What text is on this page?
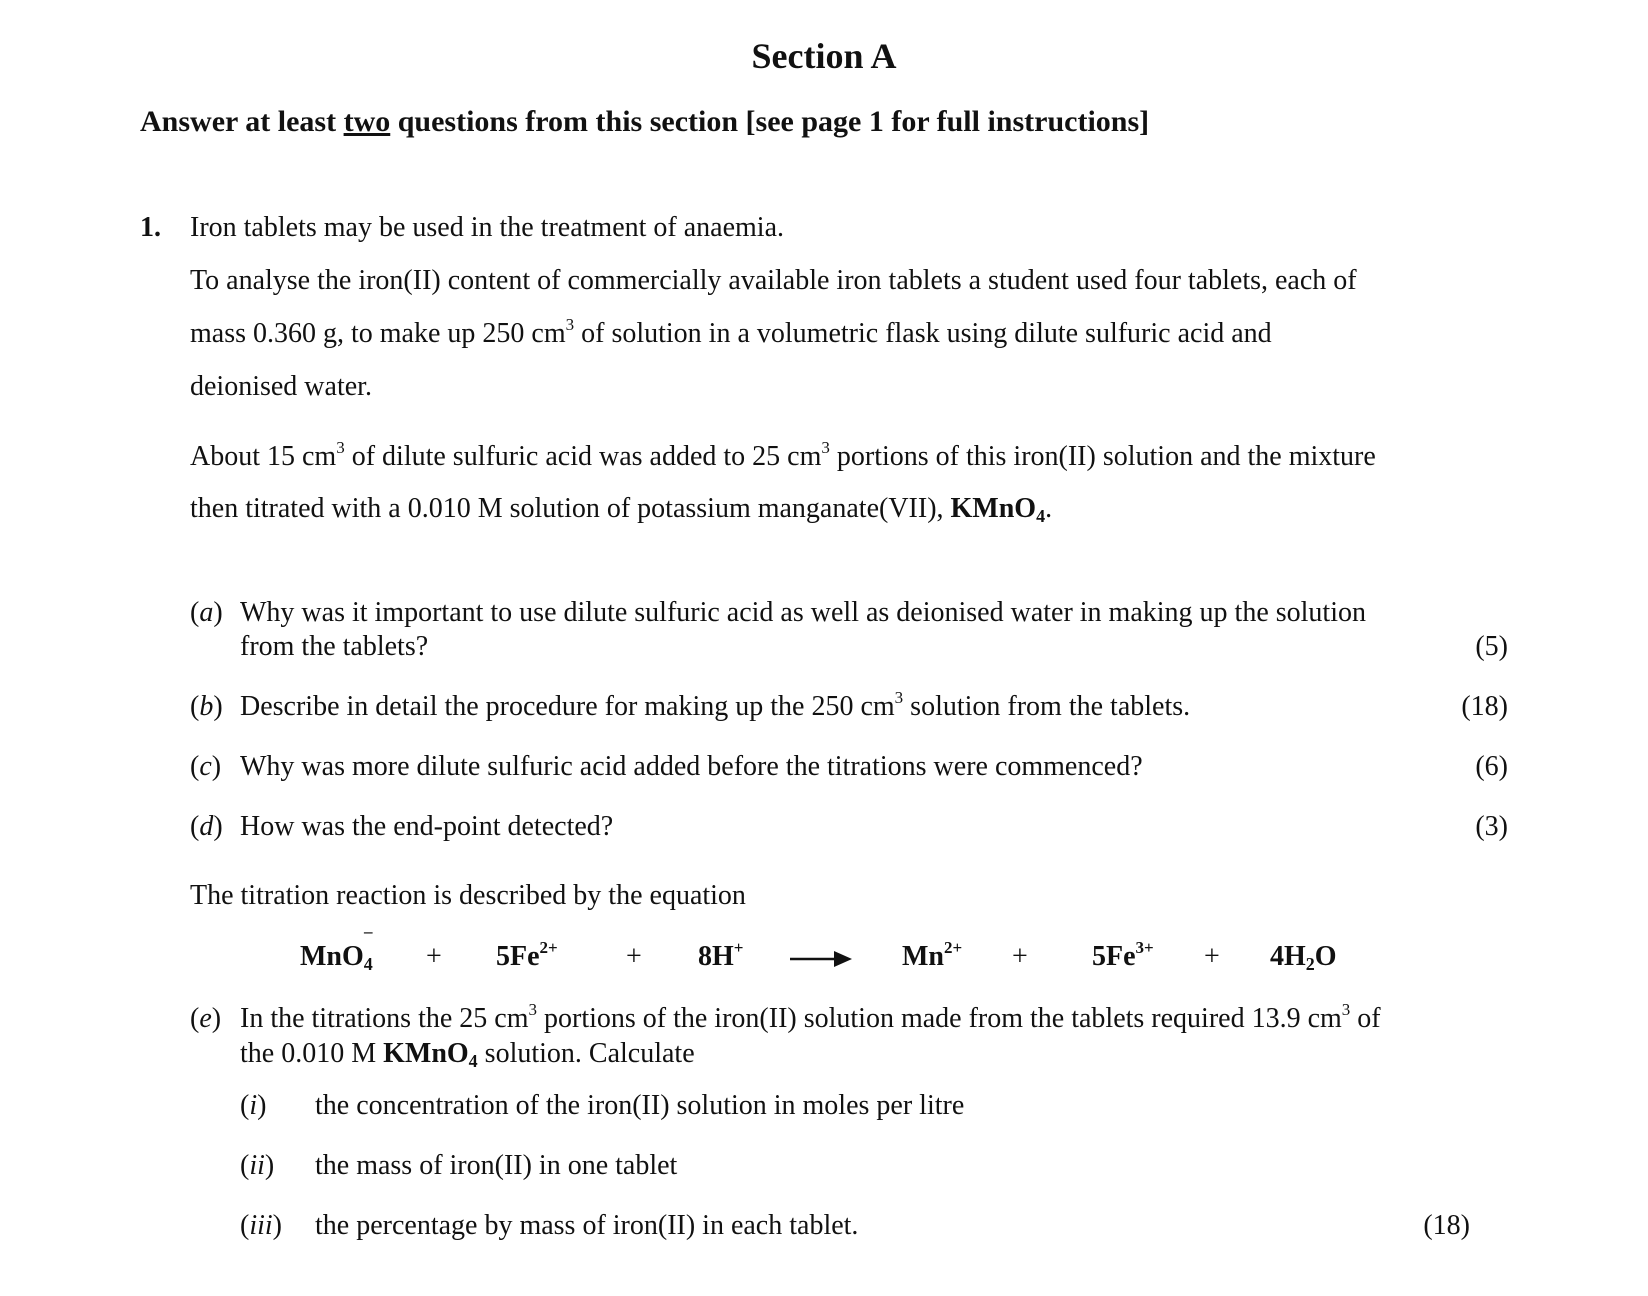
Section A
Answer at least two questions from this section [see page 1 for full instructions]
1. Iron tablets may be used in the treatment of anaemia.
To analyse the iron(II) content of commercially available iron tablets a student used four tablets, each of
mass 0.360 g, to make up 250 $cm^3$ of solution in a volumetric flask using dilute sulfuric acid and
deionised water.
About 15 $cm^3$ of dilute sulfuric acid was added to 25 $cm^3$ portions of this iron(II) solution and the mixture
then titrated with a 0.010 M solution of potassium manganate(VII), KMnO$_4$.
(a) Why was it important to use dilute sulfuric acid as well as deionised water in making up the solution
from the tablets?	(5)
(b) Describe in detail the procedure for making up the 250 $cm^3$ solution from the tablets.	(18)
(c) Why was more dilute sulfuric acid added before the titrations were commenced?	(6)
(d) How was the end-point detected?	(3)
The titration reaction is described by the equation
MnO$_4$
–
+ $5Fe^{2+} + 8H^+$	$Mn^{2+} + 5Fe^{3+} + 4H_2O$
(e) In the titrations the 25 $cm^3$ portions of the iron(II) solution made from the tablets required 13.9 $cm^3$ of
the 0.010 M KMnO$_4$ solution. Calculate
(i) the concentration of the iron(II) solution in moles per litre
(ii) the mass of iron(II) in one tablet
(iii) the percentage by mass of iron(II) in each tablet.	(18)
